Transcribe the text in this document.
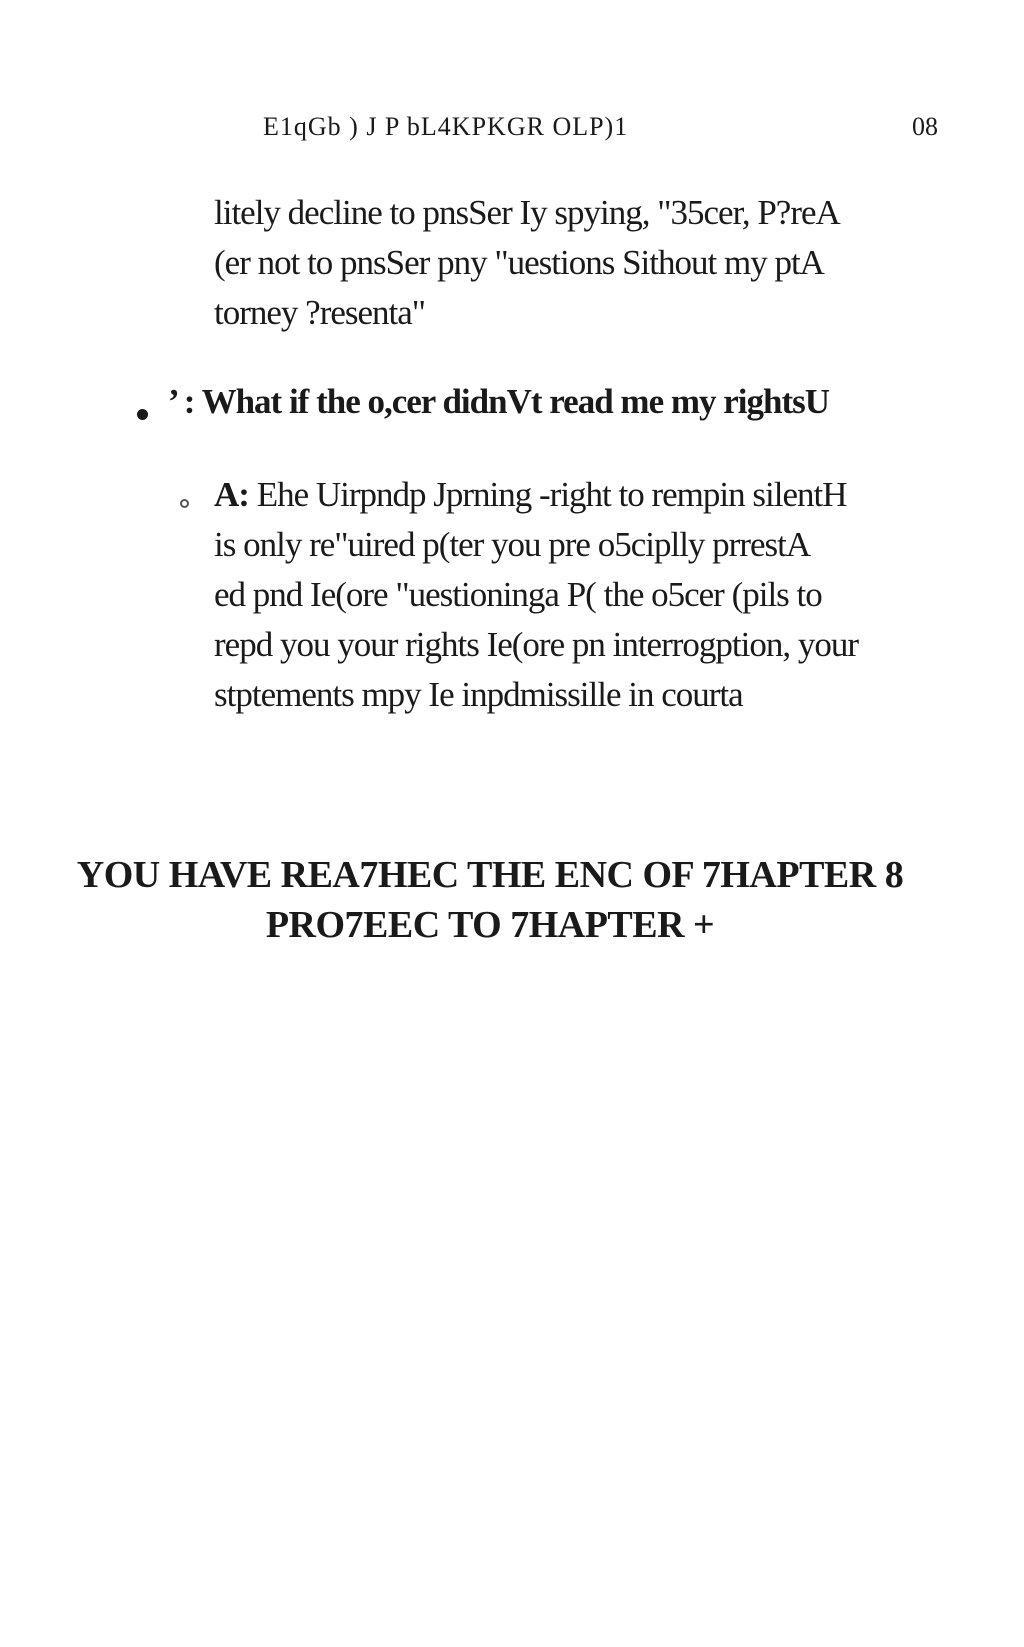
E1qGb ) J P bL4KPKGR OLP)1	08

litely decline to pnsSer Iy spying, "35cer, P?reA

(er not to pnsSer pny "uestions Sithout my ptA

torney ?resenta"

’ : What if the o,cer didnVt read me my rightsU

A: Ehe Uirpndp Jprning -right to rempin silentH

is only re"uired p(ter you pre o5ciplly prrestA

ed pnd Ie(ore "uestioninga P( the o5cer (pils to

repd you your rights Ie(ore pn interrogption, your

stptements mpy Ie inpdmissille in courta

YOU HAVE REA7HEC THE ENC OF 7HAPTER 8

PRO7EEC TO 7HAPTER +
